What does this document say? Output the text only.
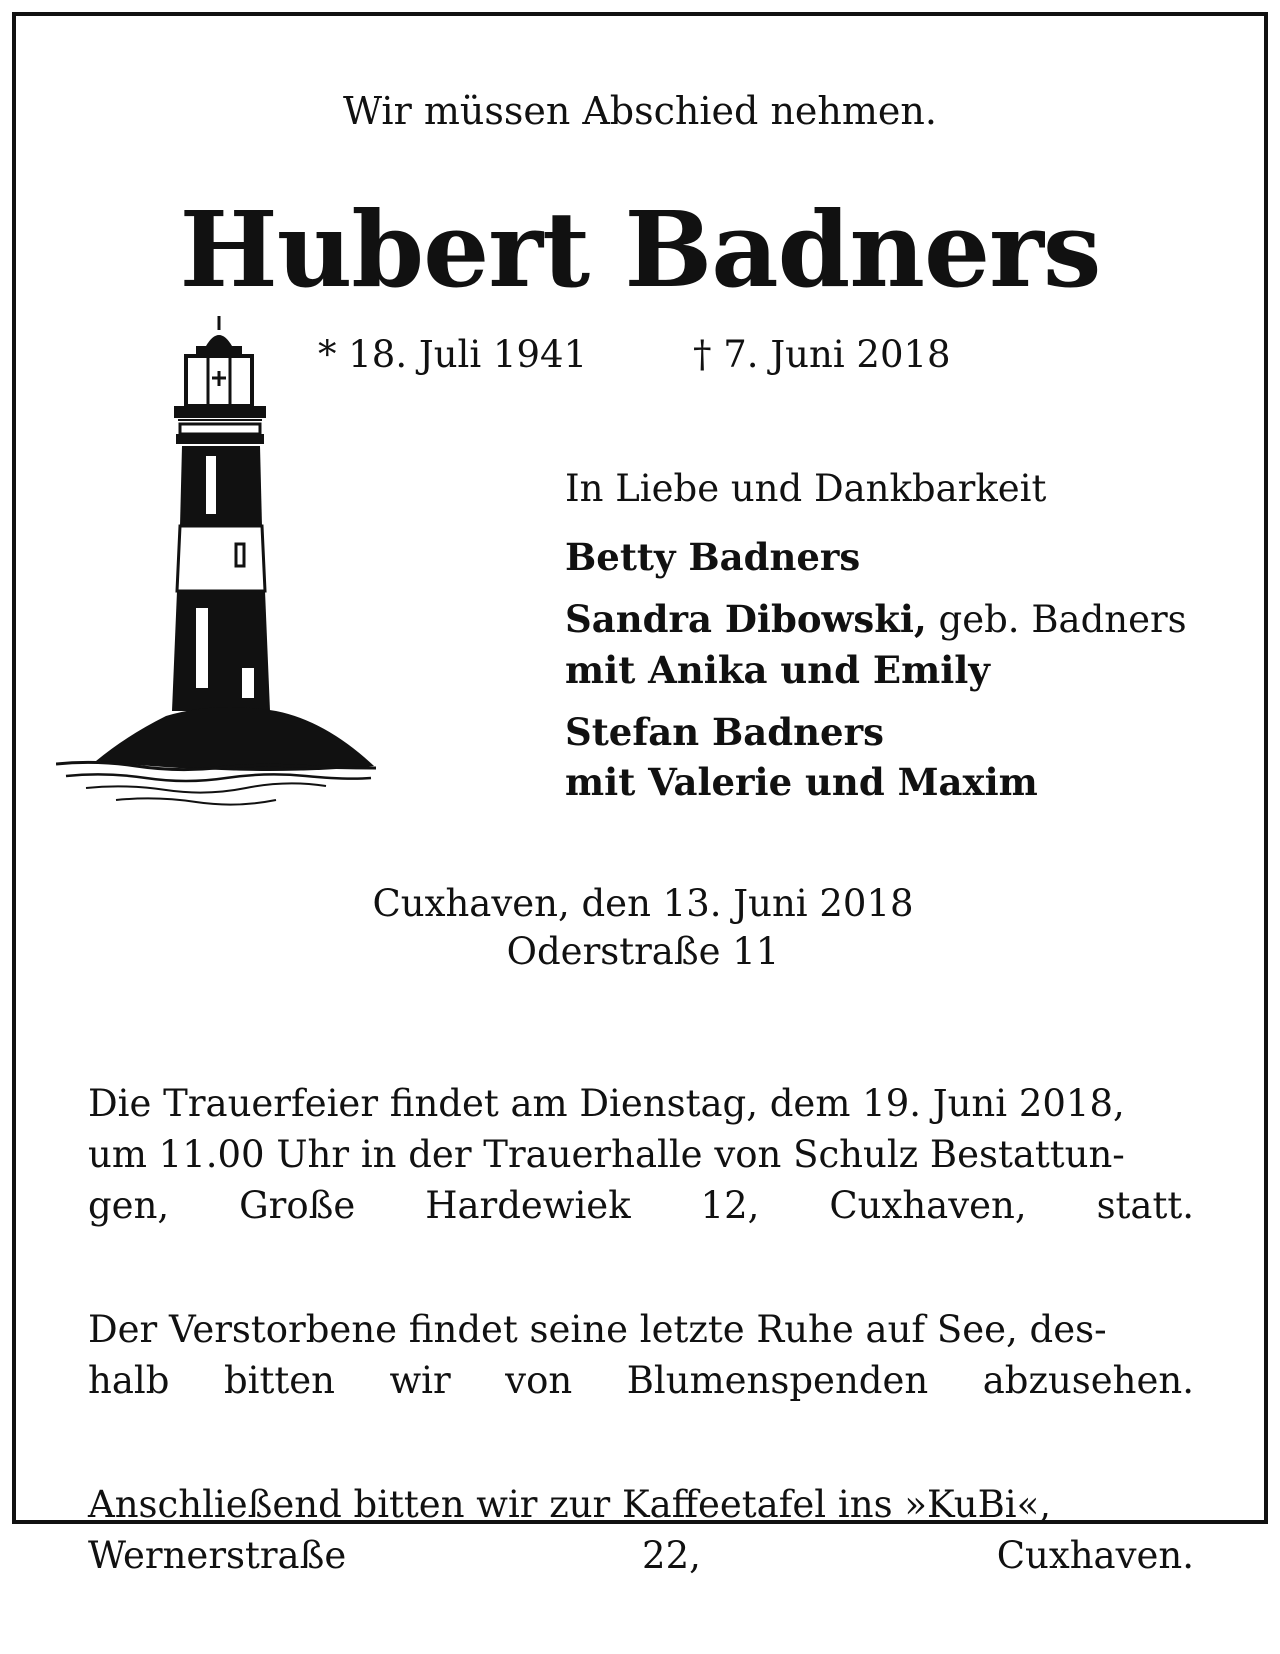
Wir müssen Abschied nehmen.
Hubert Badners
* 18. Juli 1941	† 7. Juni 2018

In Liebe und Dankbarkeit

Betty Badners

Sandra Dibowski, geb. Badners

mit Anika und Emily

Stefan Badners

mit Valerie und Maxim

Cuxhaven, den 13. Juni 2018
Oderstraße 11

Die Trauerfeier findet am Dienstag, dem 19. Juni 2018,
um 11.00 Uhr in der Trauerhalle von Schulz Bestattun-
gen, Große Hardewiek 12, Cuxhaven, statt.

Der Verstorbene findet seine letzte Ruhe auf See, des-
halb bitten wir von Blumenspenden abzusehen.

Anschließend bitten wir zur Kaffeetafel ins »KuBi«,
Wernerstraße 22, Cuxhaven.
